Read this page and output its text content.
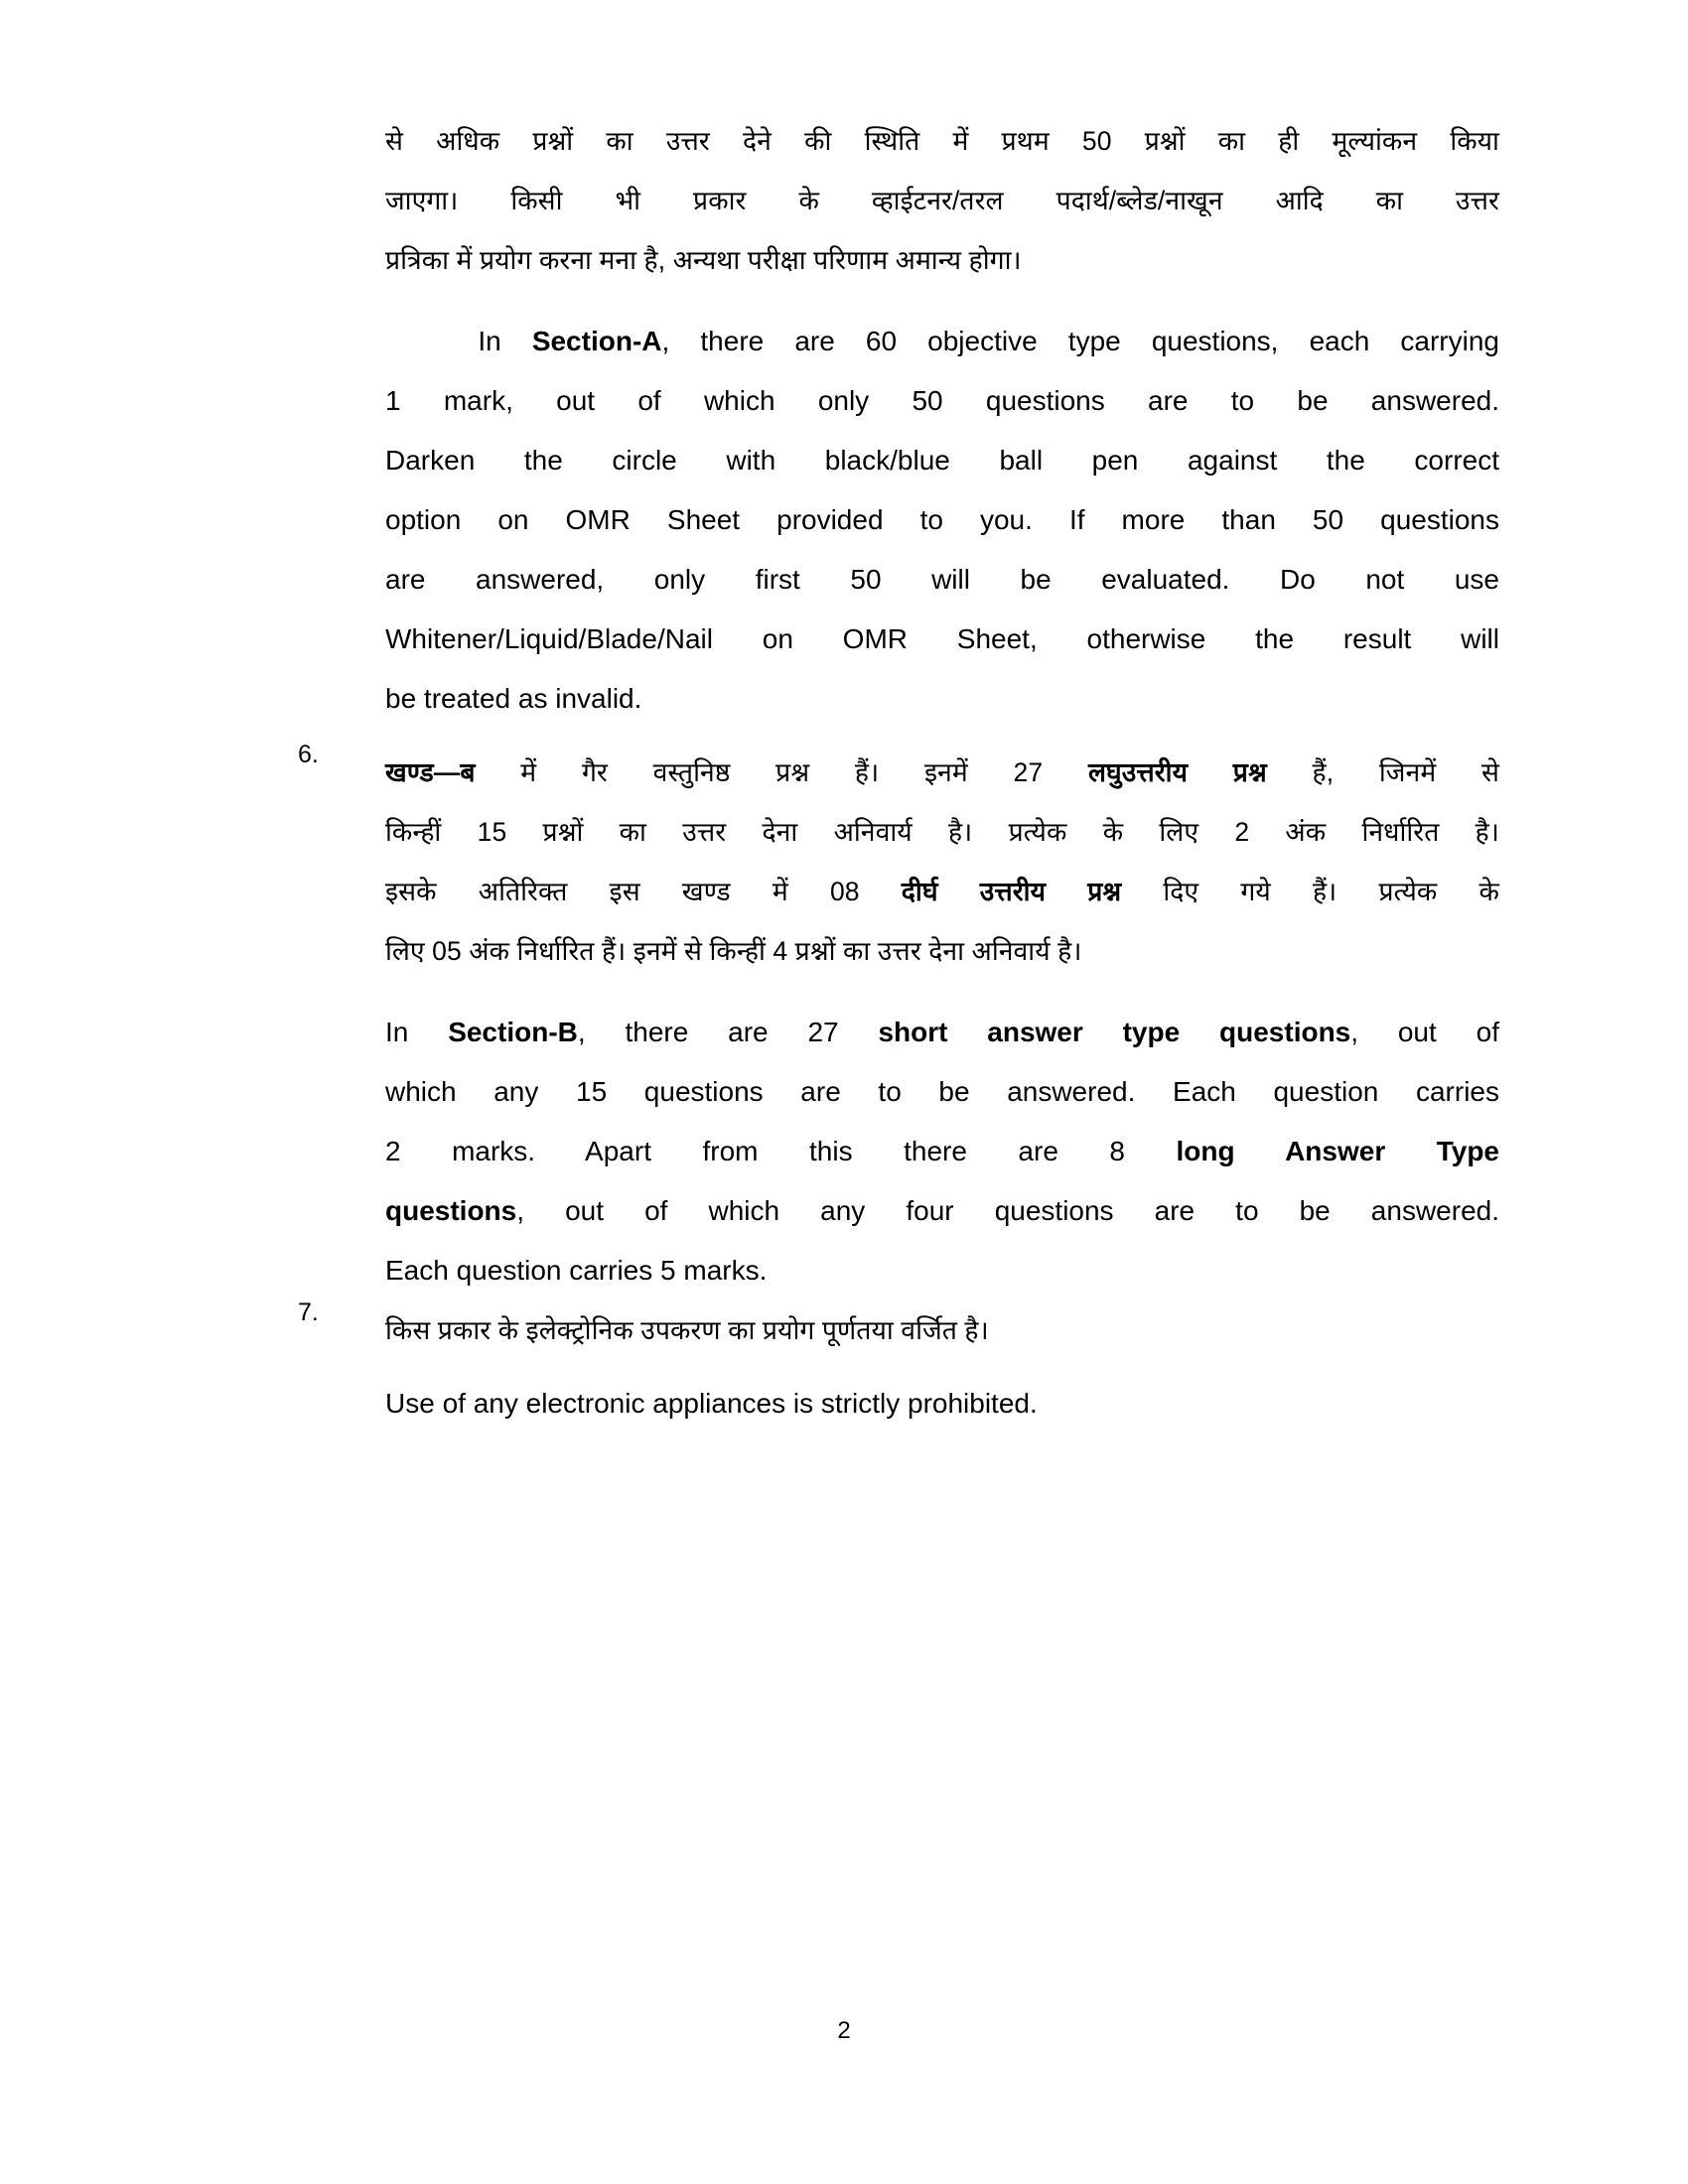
से अधिक प्रश्नों का उत्तर देने की स्थिति में प्रथम 50 प्रश्नों का ही मूल्यांकन किया
जाएगा। किसी भी प्रकार के व्हाईटनर/तरल पदार्थ/ब्लेड/नाखून आदि का उत्तर
प्रत्रिका में प्रयोग करना मना है, अन्यथा परीक्षा परिणाम अमान्य होगा।

In Section-A, there are 60 objective type questions, each carrying
1 mark, out of which only 50 questions are to be answered.
Darken the circle with black/blue ball pen against the correct
option on OMR Sheet provided to you. If more than 50 questions
are answered, only first 50 will be evaluated. Do not use
Whitener/Liquid/Blade/Nail on OMR Sheet, otherwise the result will
be treated as invalid.

6.

खण्ड—ब में गैर वस्तुनिष्ठ प्रश्न हैं। इनमें 27 लघुउत्तरीय प्रश्न हैं, जिनमें से
किन्हीं 15 प्रश्नों का उत्तर देना अनिवार्य है। प्रत्येक के लिए 2 अंक निर्धारित है।
इसके अतिरिक्त इस खण्ड में 08 दीर्घ उत्तरीय प्रश्न दिए गये हैं। प्रत्येक के
लिए 05 अंक निर्धारित हैं। इनमें से किन्हीं 4 प्रश्नों का उत्तर देना अनिवार्य है।

In Section-B, there are 27 short answer type questions, out of
which any 15 questions are to be answered. Each question carries
2 marks. Apart from this there are 8 long Answer Type
questions, out of which any four questions are to be answered.
Each question carries 5 marks.

7.

किस प्रकार के इलेक्ट्रोनिक उपकरण का प्रयोग पूर्णतया वर्जित है।

Use of any electronic appliances is strictly prohibited.

2
